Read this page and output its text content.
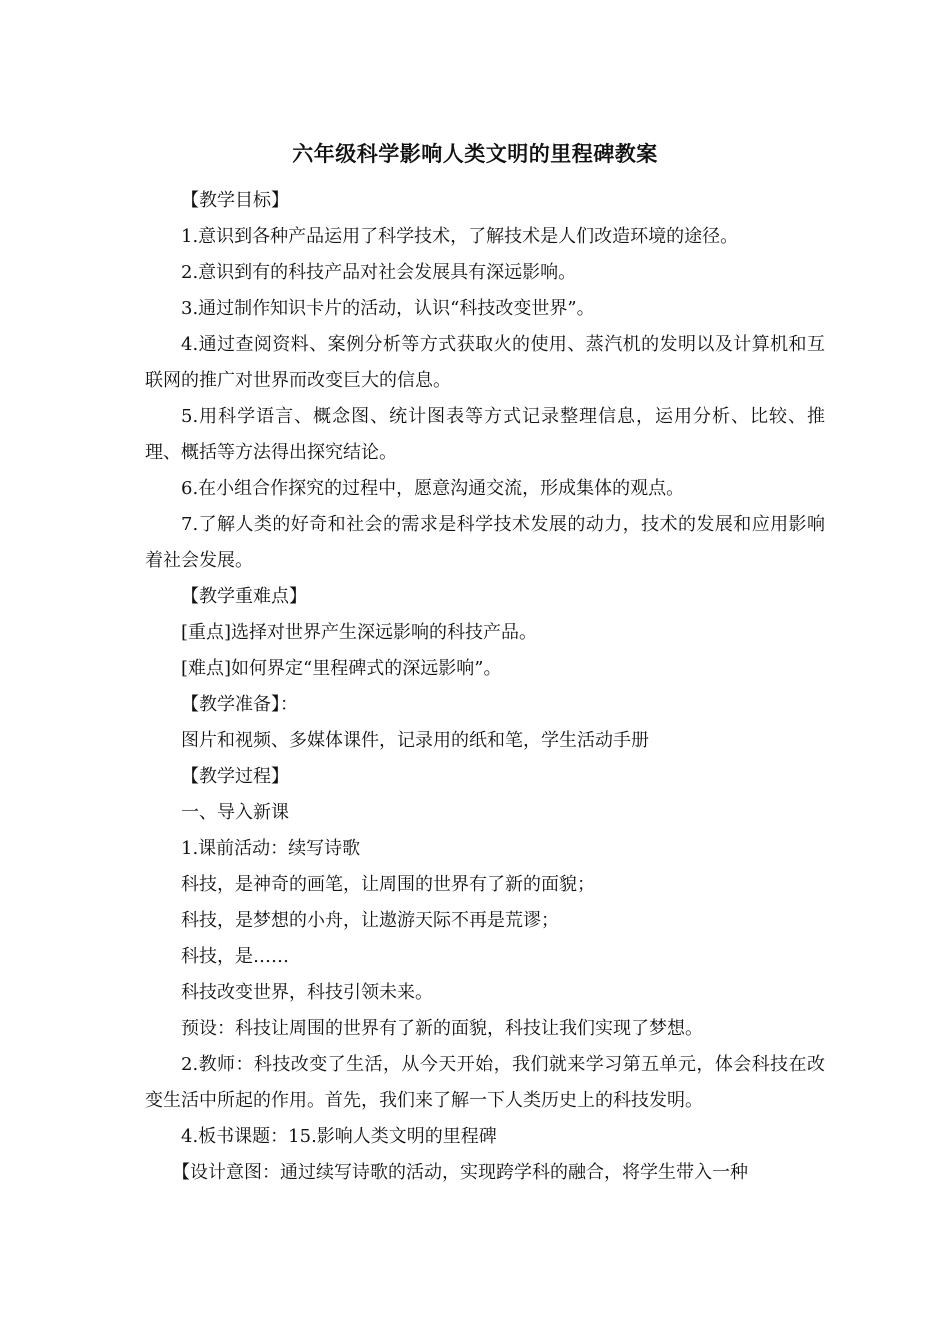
六年级科学影响人类文明的里程碑教案

【教学目标】

1.意识到各种产品运用了科学技术，了解技术是人们改造环境的途径。

2.意识到有的科技产品对社会发展具有深远影响。

3.通过制作知识卡片的活动，认识“科技改变世界”。

4.通过查阅资料、案例分析等方式获取火的使用、蒸汽机的发明以及计算机和互联网的推广对世界而改变巨大的信息。

5.用科学语言、概念图、统计图表等方式记录整理信息，运用分析、比较、推理、概括等方法得出探究结论。

6.在小组合作探究的过程中，愿意沟通交流，形成集体的观点。

7.了解人类的好奇和社会的需求是科学技术发展的动力，技术的发展和应用影响着社会发展。

【教学重难点】

[重点]选择对世界产生深远影响的科技产品。

[难点]如何界定“里程碑式的深远影响”。

【教学准备】：

图片和视频、多媒体课件，记录用的纸和笔，学生活动手册

【教学过程】

一、导入新课

1.课前活动：续写诗歌

科技，是神奇的画笔，让周围的世界有了新的面貌；

科技，是梦想的小舟，让遨游天际不再是荒谬；

科技，是……

科技改变世界，科技引领未来。

预设：科技让周围的世界有了新的面貌，科技让我们实现了梦想。

2.教师：科技改变了生活，从今天开始，我们就来学习第五单元，体会科技在改变生活中所起的作用。首先，我们来了解一下人类历史上的科技发明。

4.板书课题：15.影响人类文明的里程碑

【设计意图：通过续写诗歌的活动，实现跨学科的融合，将学生带入一种
